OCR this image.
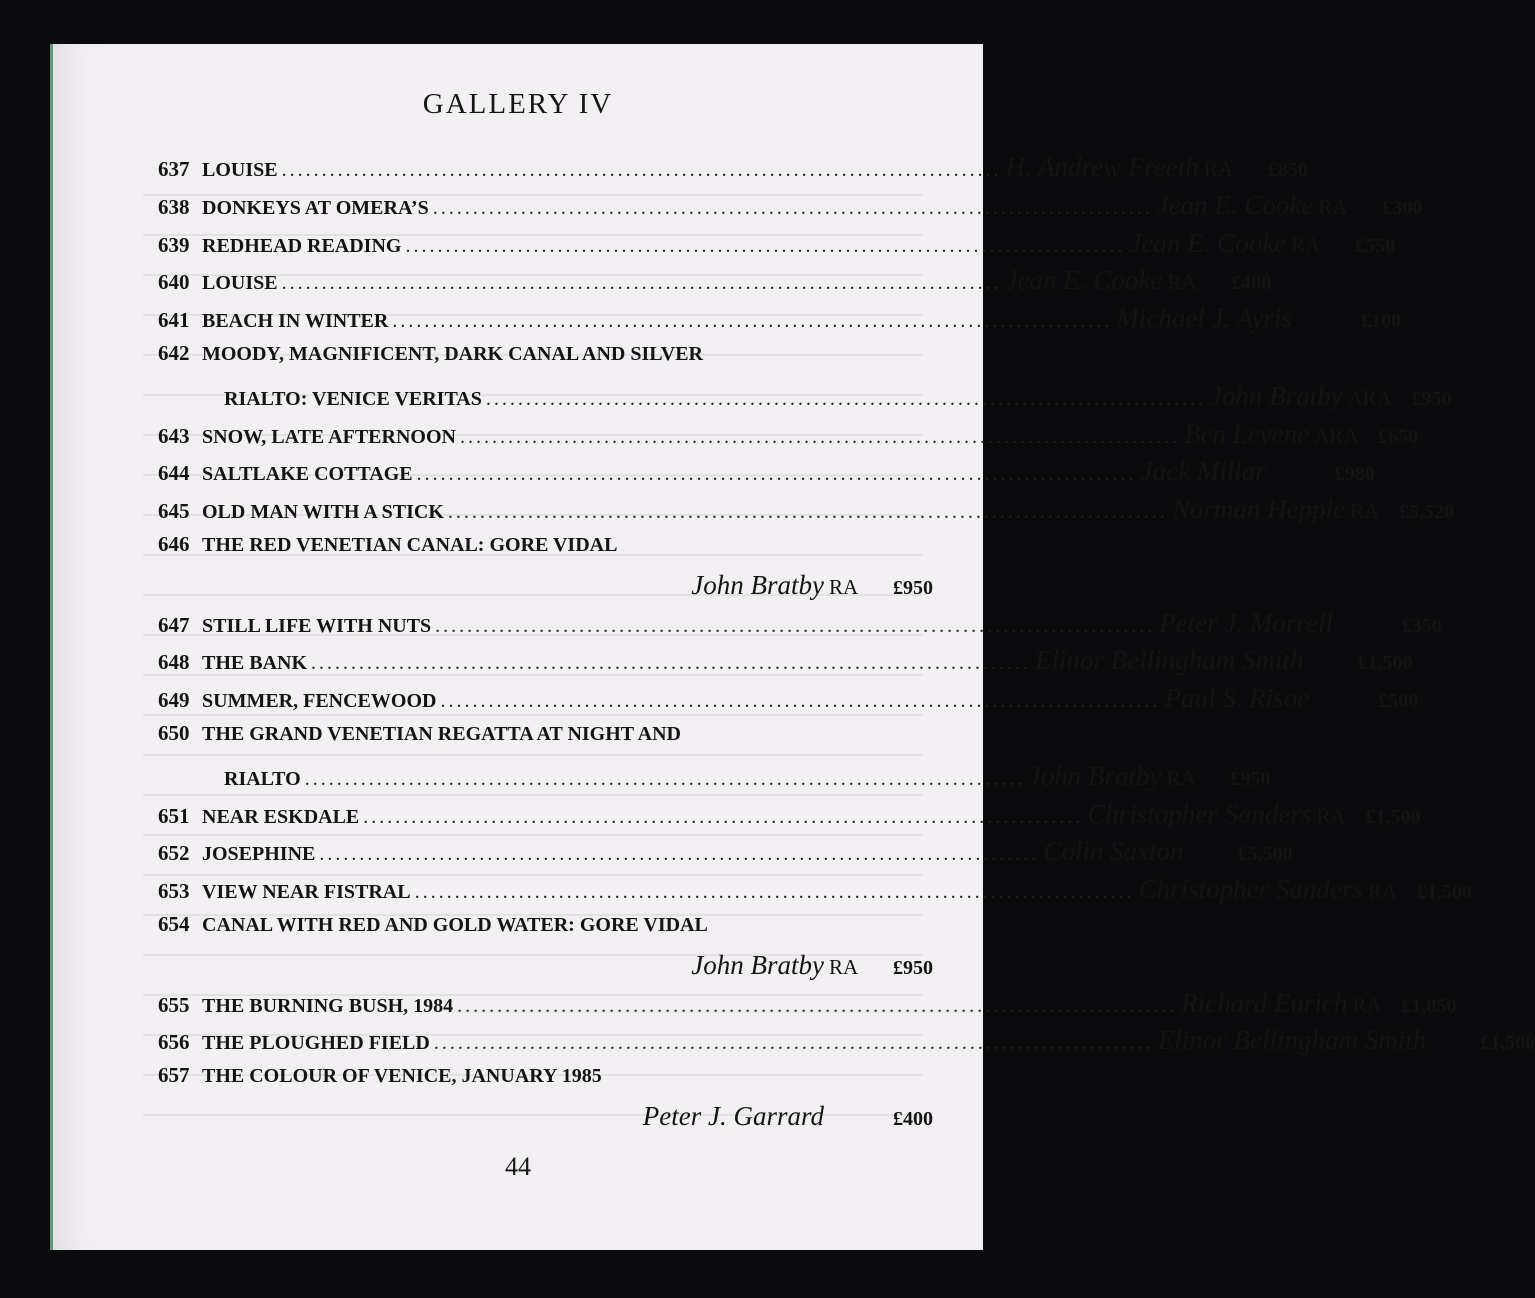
GALLERY IV
637 LOUISE .......................................................................................... H. Andrew Freeth RA	£850
638 DONKEYS AT OMERA’S .......................................................................................... Jean E. Cooke RA	£300
639 REDHEAD READING .......................................................................................... Jean E. Cooke RA	£550
640 LOUISE .......................................................................................... Jean E. Cooke RA	£400
641 BEACH IN WINTER .......................................................................................... Michael J. Ayris	£100
642 MOODY, MAGNIFICENT, DARK CANAL AND SILVER
RIALTO: VENICE VERITAS .......................................................................................... John Bratby ARA £950
643 SNOW, LATE AFTERNOON .......................................................................................... Ben Levene ARA £650
644 SALTLAKE COTTAGE .......................................................................................... Jack Millar	£980
645 OLD MAN WITH A STICK .......................................................................................... Norman Hepple RA £5,520
646 THE RED VENETIAN CANAL: GORE VIDAL
John Bratby RA	£950
647 STILL LIFE WITH NUTS .......................................................................................... Peter J. Morrell	£350
648 THE BANK .......................................................................................... Elinor Bellingham Smith	£1,500
649 SUMMER, FENCEWOOD .......................................................................................... Paul S. Risoe	£500
650 THE GRAND VENETIAN REGATTA AT NIGHT AND
RIALTO .......................................................................................... John Bratby RA	£950
651 NEAR ESKDALE .......................................................................................... Christopher Sanders RA £1,500
652 JOSEPHINE .......................................................................................... Colin Saxton	£5,500
653 VIEW NEAR FISTRAL .......................................................................................... Christopher Sanders RA £1,500
654 CANAL WITH RED AND GOLD WATER: GORE VIDAL
John Bratby RA	£950
655 THE BURNING BUSH, 1984 .......................................................................................... Richard Eurich RA £1,850
656 THE PLOUGHED FIELD .......................................................................................... Elinor Bellingham Smith	£1,500
657 THE COLOUR OF VENICE, JANUARY 1985
Peter J. Garrard	£400
44
